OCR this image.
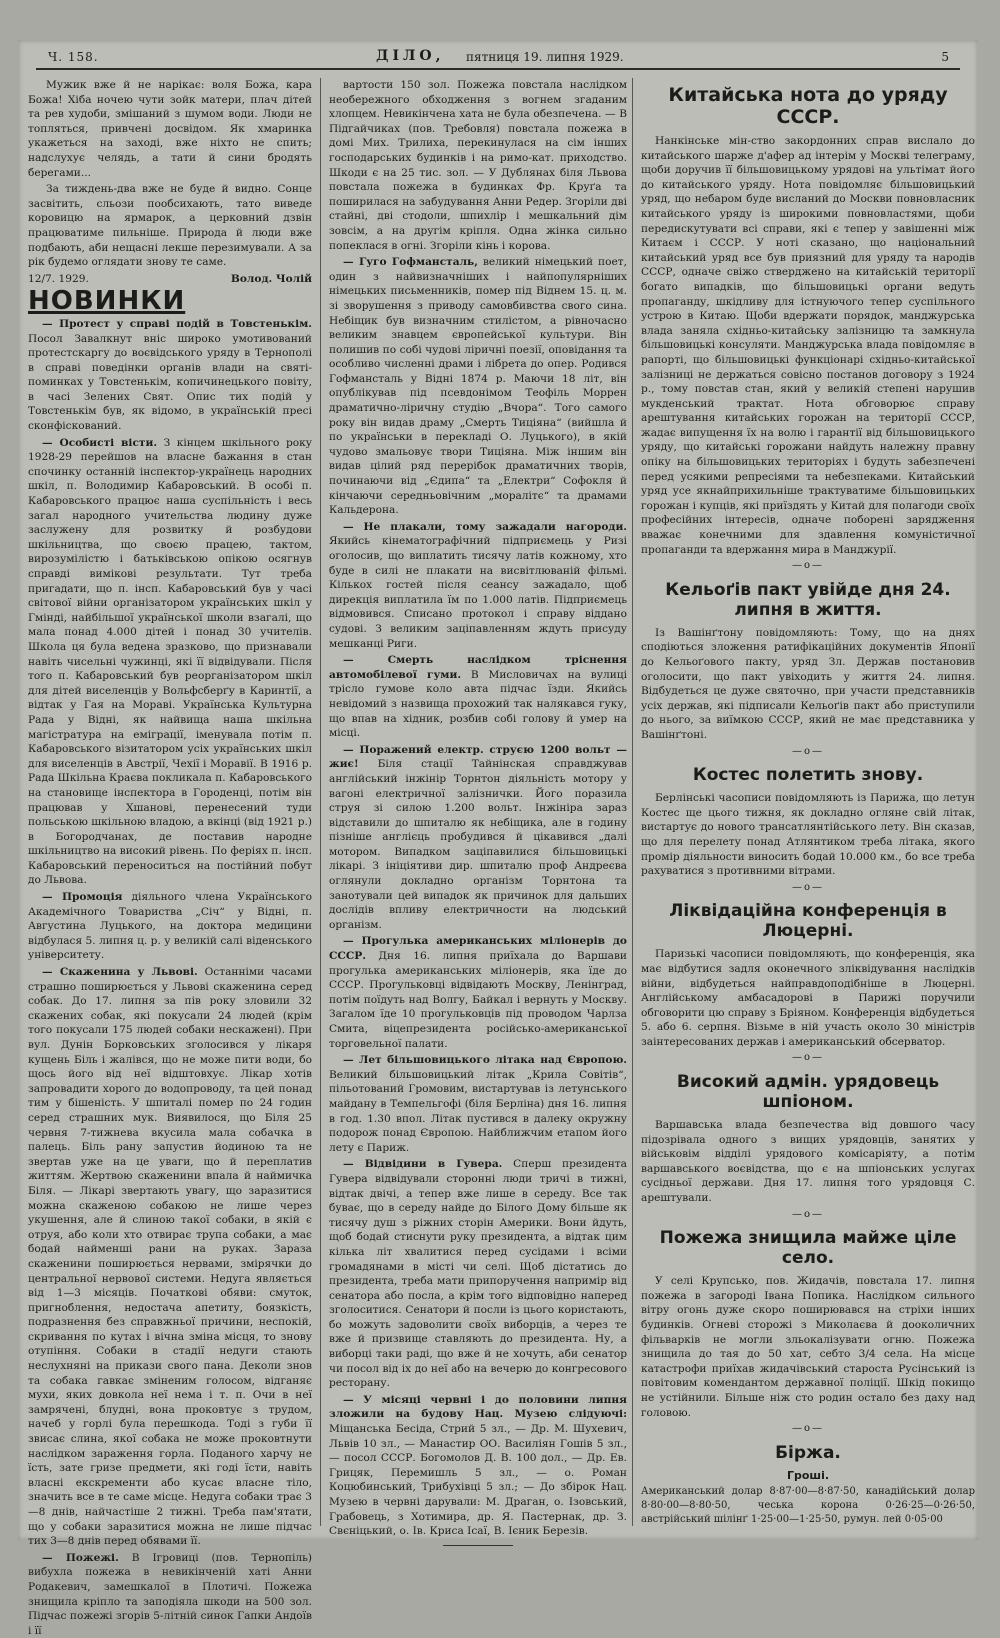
Ч. 158.	ДІЛО, пятниця 19. липня 1929.	5

Мужик вже й не нарікає: воля Божа, кара Божа! Хіба ночею чути зойк матери, плач дітей та рев худоби, змішаний з шумом води. Люди не топляться, привчені досвідом. Як хмаринка укажеться на заході, вже ніхто не спить; надслухує челядь, а тати й сини бродять берегами...

За тиждень-два вже не буде й видно. Сонце засвітить, сльози пообсихають, тато виведе коровицю на ярмарок, а церковний дзвін працюватиме пильніше. Природа й люди вже подбають, аби нещасні лекше перезимували. А за рік будемо оглядати знову те саме.

12/7. 1929.	Волод. Чолій
НОВИНКИ

— Протест у справі подій в Товстенькім. Посол Завалкнут вніс широко умотивований протестскаргу до воєвідського уряду в Тернополі в справі поведінки органів влади на святі-поминках у Товстенькім, копичинецького повіту, в часі Зелених Свят. Опис тих подій у Товстенькім був, як відомо, в українській пресі сконфіскований.

— Особисті вісти. З кінцем шкільного року 1928-29 перейшов на власне бажання в стан спочинку останній інспектор-українець народних шкіл, п. Володимир Кабаровський. В особі п. Кабаровського працює наша суспільність і весь загал народного учительства людину дуже заслужену для розвитку й розбудови шкільництва, що своєю працею, тактом, вирозумілістю і батьківською опікою осягнув справді вимікові результати. Тут треба пригадати, що п. інсп. Кабаровський був у часі світової війни організатором українських шкіл у Гмінді, найбільшої української школи взагалі, що мала понад 4.000 дітей і понад 30 учителів. Школа ця була ведена зразково, що признавали навіть чисельні чужинці, які її відвідували. Після того п. Кабаровський був реорганізатором шкіл для дітей виселенців у Вольфсберґу в Каринтії, а відтак у Гая на Мораві. Українська Культурна Рада у Відні, як найвища наша шкільна магістратура на еміграції, іменувала потім п. Кабаровського візитатором усіх українських шкіл для виселенців в Австрії, Чехії і Моравії. В 1916 р. Рада Шкільна Краєва покликала п. Кабаровського на становище інспектора в Городенці, потім він працював у Хшанові, перенесений туди польською шкільною владою, а вкінці (від 1921 р.) в Богородчанах, де поставив народне шкільництво на високий рівень. По феріях п. інсп. Кабаровський переноситься на постійний побут до Львова.

— Промоція діяльного члена Українського Академічного Товариства „Січ“ у Відні, п. Августина Луцького, на доктора медицини відбулася 5. липня ц. р. у великій салі віденського університету.

— Скаженина у Львові. Останніми часами страшно поширюється у Львові скаженина серед собак. До 17. липня за пів року зловили 32 скажених собак, які покусали 24 людей (крім того покусали 175 людей собаки нескажені). При вул. Дунін Борковських зголосився у лікаря кущень Біль і жалівся, що не може пити води, бо щось його від неї відштовхує. Лікар хотів запровадити хорого до водопроводу, та цей понад тим у бішеність. У шпиталі помер по 24 годин серед страшних мук. Виявилося, що Біля 25 червня 7-тижнева вкусила мала собачка в палець. Біль рану запустив йодиною та не звертав уже на це уваги, що й переплатив життям. Жертвою скаженини впала й наймичка Біля. — Лікарі звертають увагу, що заразитися можна скаженою собакою не лише через укушення, але й слиною такої собаки, в якій є отруя, або коли хто отвирає трупа собаки, а має бодай найменші рани на руках. Зараза скаженини поширюється нервами, змірячки до центральної нервової системи. Недуга являється від 1—3 місяців. Початкові обяви: смуток, пригноблення, недостача апетиту, боязкість, подразнення без справжньої причини, неспокій, скривання по кутах і вічна зміна місця, то знову отупіння. Собаки в стадії недуги стають неслухняні на прикази свого пана. Деколи знов та собака гавкає зміненим голосом, відганяє мухи, яких довкола неї нема і т. п. Очи в неї замрячені, блудні, вона проковтує з трудом, начеб у горлі була перешкода. Тоді з губи її звисає слина, якої собака не може проковтнути наслідком зараження горла. Поданого харчу не їсть, зате гризе предмети, які годі їсти, навіть власні екскременти або кусає власне тіло, значить все в те саме місце. Недуга собаки трає 3—8 днів, найчастіше 2 тижні. Треба пам'ятати, що у собаки заразитися можна не лише підчас тих 3—8 днів перед обявами її.

— Пожежі. В Ігровиці (пов. Тернопіль) вибухла пожежа в невикінченій хаті Анни Родакевич, замешкалої в Плотичі. Пожежа знищила кріпло та заподіяла шкоди на 500 зол. Підчас пожежі згорів 5-літній синок Гапки Андоїв і її

вартости 150 зол. Пожежа повстала наслідком необережного обходження з вогнем згаданим хлопцем. Невикінчена хата не була обезпечена. — В Підгайчиках (пов. Требовля) повстала пожежа в домі Мих. Трилиха, перекинулася на сім інших господарських будинків і на римо-кат. приходство. Шкоди є на 25 тис. зол. — У Дублянах біля Львова повстала пожежа в будинках Фр. Круґа та поширилася на забудування Анни Редер. Згоріли дві стайні, дві стодоли, шпихлір і мешкальний дім зовсім, а на другім кріпля. Одна жінка сильно попеклася в огні. Згоріли кінь і корова.

— Гуго Гофмансталь, великий німецький поет, один з найвизначніших і найпопулярніших німецьких письменників, помер під Віднем 15. ц. м. зі зворушення з приводу самовбивства свого сина. Небіщик був визначним стилістом, а рівночасно великим знавцем європейської культури. Він полишив по собі чудові ліричні поезії, оповідання та особливо численні драми і лібрета до опер. Родився Гофмансталь у Відні 1874 р. Маючи 18 літ, він опублікував під псевдонімом Теофіль Моррен драматично-ліричну студію „Вчора“. Того самого року він видав драму „Смерть Тиціяна“ (вийшла й по українськи в перекладі О. Луцького), в якій чудово змальовує твори Тиціяна. Між іншим він видав цілий ряд перерібок драматичних творів, починаючи від „Єдипа“ та „Електри“ Софокля й кінчаючи середньовічним „моралітє“ та драмами Кальдерона.

— Не плакали, тому зажадали нагороди. Якийсь кінематографічний підприємець у Ризі оголосив, що виплатить тисячу латів кожному, хто буде в силі не плакати на висвітлюваній фільмі. Кількох гостей після сеансу зажадало, щоб дирекція виплатила їм по 1.000 латів. Підприємець відмовився. Списано протокол і справу віддано судові. З великим заціпавленням ждуть присуду мешканці Риги.

— Смерть наслідком тріснення автомобілевої гуми. В Мисловичах на вулиці тріслo гумове коло авта підчас їзди. Якийсь невідомий з назвища прохожий так налякався гуку, що впав на хідник, розбив собі голову й умер на місці.

— Поражений електр. струєю 1200 вольт — жиє! Біля стації Тайнінская справджував англійський інжінір Торнтон діяльність мотору у вагоні електричної залізнички. Його поразила струя зі силою 1.200 вольт. Інжініра зараз відставили до шпиталю як небіщика, але в годину пізніше англієць пробудився й цікавився „далі мотором. Випадком заціпавилися більшовицькі лікарі. З ініціятиви дир. шпиталю проф Андреєва оглянули докладно організм Торнтона та занотували цей випадок як причинок для дальших дослідів впливу електричности на людський організм.

— Прогулька американських міліонерів до СССР. Дня 16. липня приїхала до Варшави прогулька американських міліонерів, яка їде до СССР. Прогульковці відвідають Москву, Ленінград, потім поїдуть над Волгу, Байкал і вернуть у Москву. Загалом їде 10 прогульковців під проводом Чарлза Смита, віцепрезидента російсько-американської торговельної палати.

— Лет більшовицького літака над Європою. Великий більшовицький літак „Крила Совітів“, пільотований Громовим, вистартував із летунського майдану в Темпельгофі (біля Берліна) дня 16. липня в год. 1.30 впол. Літак пустився в далеку окружну подорож понад Європою. Найближчим етапом його лету є Париж.

— Відвідини в Гувера. Сперш президента Гувера відвідували сторонні люди тричі в тижні, відтак двічі, а тепер вже лише в середу. Все так буває, що в середу найде до Білого Дому більше як тисячу душ з ріжних сторін Америки. Вони йдуть, щоб бодай стиснути руку президента, а відтак цим кількa літ хвалитися перед сусідами і всіми громадянами в місті чи селі. Щоб дістатись до президента, треба мати припоручення напримір від сенатора або посла, а крім того відповідно наперед зголоситися. Сенатори й посли із цього користають, бо можуть задоволити своїх виборців, а через те вже й призвище ставляють до президента. Ну, а виборці таки раді, що вже й не хочуть, аби сенатор чи посол від іх до неї або на вечерю до конгресового ресторану.

— У місяці червні і до половини липня зложили на будову Нац. Музею слідуючі: Міщанська Бесіда, Стрий 5 зл., — Др. М. Шухевич, Львів 10 зл., — Манастир ОО. Василіян Гошів 5 зл., — посол СССР. Богомолов Д. В. 100 дол., — Др. Ев. Грицяк, Перемишль 5 зл., — о. Роман Коцюбинський, Трибухівці 5 зл.; — До збірок Нац. Музею в червні дарували: М. Драган, о. Ізовський, Грабовець, з Хотимира, др. Я. Пастернак, др. З. Свєніцький, о. Ів. Криса Ісаї, В. Ієник Березів.

Китайська нота до уряду СССР.

Нанкінське мін-ство закордонних справ вислало до китайського шарже д'афер ад інтерім у Москві телеграму, щоби доручив її більшовицькому урядові на ультімат його до китайського уряду. Нота повідомляє більшовицький уряд, що небаром буде висланий до Москви повновласник китайського уряду із широкими повновластями, щоби передискутувати всі справи, які є тепер у завішенні між Китаєм і СССР. У ноті сказано, що національний китайський уряд все був приязний для уряду та народів СССР, одначе свіжо стверджено на китайській території богато випадків, що більшовицькі органи ведуть пропаганду, шкідливу для істнуючого тепер суспільного устрою в Китаю. Щоби вдержати порядок, манджурська влада заняла східньо-китайську залізницю та замкнула більшовицькі консуляти. Манджурська влада повідомляє в рапорті, що більшовицькі функціонарі східньо-китайської залізниці не держаться совісно постанов договору з 1924 р., тому повстав стан, який у великій степені нарушив мукденський трактат. Нота обговорює справу арештування китайських горожан на території СССР, жадає випущення їх на волю і гарантії від більшовицького уряду, що китайські горожани найдуть належну правну опіку на більшовицьких територіях і будуть забезпечені перед усякими репресіями та небезпеками. Китайський уряд усе якнайприхильніше трактуватиме більшовицьких горожан і купців, які приїздять у Китай для полагоди своїх професійних інтересів, одначе поборені зарядження вважає конечними для здавлення комуністичної пропаганди та вдержання мира в Манджурії.

—о—
Кельоґів пакт увійде дня 24. липня в життя.

Із Вашінґтону повідомляють: Тому, що на днях сподіються зложення ратифікаційних документів Японії до Кельоґового пакту, уряд Зл. Держав постановив оголосити, що пакт увіходить у життя 24. липня. Відбудеться це дуже святочно, при участи представників усіх держав, які підписали Кельоґів пакт або приступили до нього, за виїмкою СССР, який не має представника у Вашінґтоні.

—о—
Костес полетить знову.

Берлінські часописи повідомляють із Парижа, що летун Костес ще цього тижня, як докладно огляне свій літак, вистартує до нового трансатлянтійського лету. Він сказав, що для перелету понад Атлянтиком треба літака, якого промір діяльности виносить бодай 10.000 км., бо все треба рахуватися з противними вітрами.

—о—
Ліквідаційна конференція в Люцерні.

Паризькі часописи повідомляють, що конференція, яка має відбутися задля оконечного зліквідування наслідків війни, відбудеться найправдоподібніше в Люцерні. Англійському амбасадорові в Парижі поручили обговорити цю справу з Бріяном. Конференція відбудеться 5. або 6. серпня. Візьме в ній участь около 30 міністрів заінтересованих держав і американський обсерватор.

—о—
Високий адмін. урядовець шпіоном.

Варшавська влада безпечества від довшого часу підозрівала одного з вищих урядовців, занятих у військовім відділі урядового комісаріяту, а потім варшавського воєвідства, що є на шпіонських услугах сусідньої держави. Дня 17. липня того урядовця С. арештували.

—о—
Пожежа знищила майже ціле село.

У селі Крупсько, пов. Жидачів, повстала 17. липня пожежа в загороді Івана Попика. Наслідком сильного вітру огонь дуже скоро поширювався на стріхи інших будинків. Огневі сторожі з Миколаєва й доокoличних фільварків не могли зльокалізувати огню. Пожежа знищила до тая до 50 хат, себто 3/4 села. На місце катастрофи приїхав жидачівський староста Русінський із повітовим комендантом державної поліції. Шкід покищо не устійнили. Більше ніж сто родин осталo без даху над головою.

—о—
Біржа.

Гроші.

Американський долар 8·87·00—8·87·50, канадійський долар 8·80·00—8·80·50, чеська корона 0·26·25—0·26·50, австрійський шілінґ 1·25·00—1·25·50, румун. лей 0·05·00
